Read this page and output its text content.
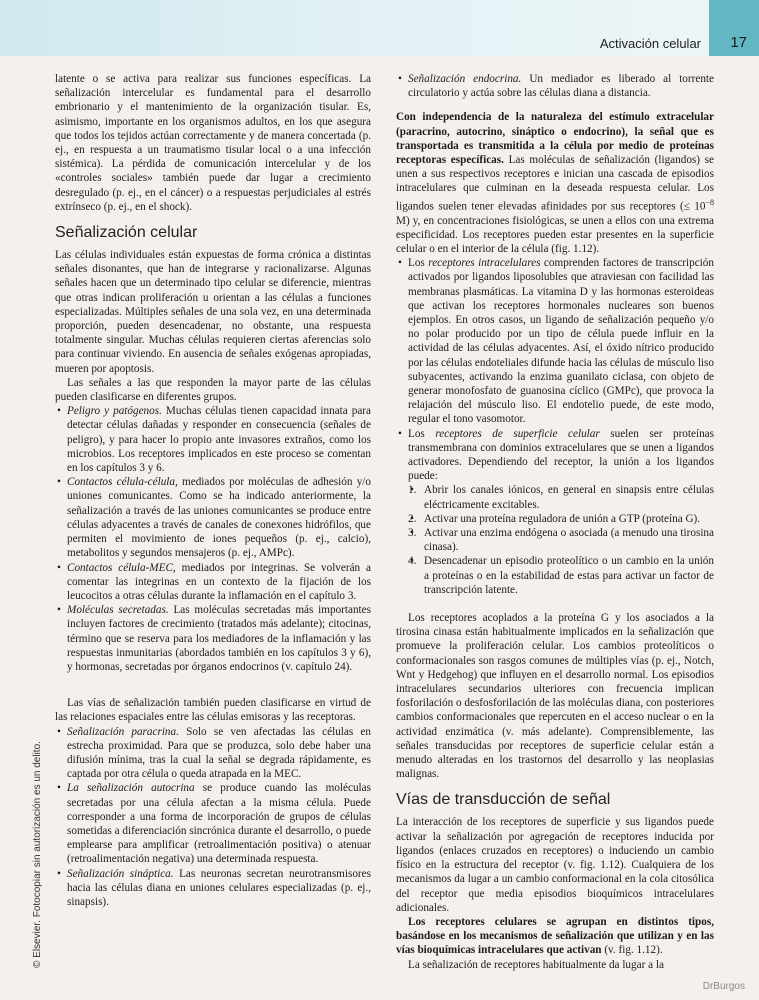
Activación celular 17

latente o se activa para realizar sus funciones específicas. La señalización intercelular es fundamental para el desarrollo embrionario y el mantenimiento de la organización tisular. Es, asimismo, importante en los organismos adultos, en los que asegura que todos los tejidos actúan correctamente y de manera concertada (p. ej., en respuesta a un traumatismo tisular local o a una infección sistémica). La pérdida de comunicación intercelular y de los «controles sociales» también puede dar lugar a crecimiento desregulado (p. ej., en el cáncer) o a respuestas perjudiciales al estrés extrínseco (p. ej., en el shock).

Señalización celular

Las células individuales están expuestas de forma crónica a distintas señales disonantes, que han de integrarse y racionalizarse. Algunas señales hacen que un determinado tipo celular se diferencie, mientras que otras indican proliferación u orientan a las células a funciones especializadas. Múltiples señales de una sola vez, en una determinada proporción, pueden desencadenar, no obstante, una respuesta totalmente singular. Muchas células requieren ciertas aferencias solo para continuar viviendo. En ausencia de señales exógenas apropiadas, mueren por apoptosis.

Las señales a las que responden la mayor parte de las células pueden clasificarse en diferentes grupos.

• Peligro y patógenos. Muchas células tienen capacidad innata para detectar células dañadas y responder en consecuencia (señales de peligro), y para hacer lo propio ante invasores extraños, como los microbios. Los receptores implicados en este proceso se comentan en los capítulos 3 y 6.
• Contactos célula-célula, mediados por moléculas de adhesión y/o uniones comunicantes. Como se ha indicado anteriormente, la señalización a través de las uniones comunicantes se produce entre células adyacentes a través de canales de conexones hidrófilos, que permiten el movimiento de iones pequeños (p. ej., calcio), metabolitos y segundos mensajeros (p. ej., AMPc).
• Contactos célula-MEC, mediados por integrinas. Se volverán a comentar las integrinas en un contexto de la fijación de los leucocitos a otras células durante la inflamación en el capítulo 3.
• Moléculas secretadas. Las moléculas secretadas más importantes incluyen factores de crecimiento (tratados más adelante); citocinas, término que se reserva para los mediadores de la inflamación y las respuestas inmunitarias (abordados también en los capítulos 3 y 6), y hormonas, secretadas por órganos endocrinos (v. capítulo 24).

Las vías de señalización también pueden clasificarse en virtud de las relaciones espaciales entre las células emisoras y las receptoras.

• Señalización paracrina. Solo se ven afectadas las células en estrecha proximidad. Para que se produzca, solo debe haber una difusión mínima, tras la cual la señal se degrada rápidamente, es captada por otra célula o queda atrapada en la MEC.
• La señalización autocrina se produce cuando las moléculas secretadas por una célula afectan a la misma célula. Puede corresponder a una forma de incorporación de grupos de células sometidas a diferenciación sincrónica durante el desarrollo, o puede emplearse para amplificar (retroalimentación positiva) o atenuar (retroalimentación negativa) una determinada respuesta.
• Señalización sináptica. Las neuronas secretan neurotransmisores hacia las células diana en uniones celulares especializadas (p. ej., sinapsis).
• Señalización endocrina. Un mediador es liberado al torrente circulatorio y actúa sobre las células diana a distancia.

Con independencia de la naturaleza del estímulo extracelular (paracrino, autocrino, sináptico o endocrino), la señal que es transportada es transmitida a la célula por medio de proteínas receptoras específicas. Las moléculas de señalización (ligandos) se unen a sus respectivos receptores e inician una cascada de episodios intracelulares que culminan en la deseada respuesta celular. Los ligandos suelen tener elevadas afinidades por sus receptores (≤ $10^{-8}$ M) y, en concentraciones fisiológicas, se unen a ellos con una extrema especificidad. Los receptores pueden estar presentes en la superficie celular o en el interior de la célula (fig. 1.12).

• Los receptores intracelulares comprenden factores de transcripción activados por ligandos liposolubles que atraviesan con facilidad las membranas plasmáticas. La vitamina D y las hormonas esteroideas que activan los receptores hormonales nucleares son buenos ejemplos. En otros casos, un ligando de señalización pequeño y/o no polar producido por un tipo de célula puede influir en la actividad de las células adyacentes. Así, el óxido nítrico producido por las células endoteliales difunde hacia las células de músculo liso subyacentes, activando la enzima guanilato ciclasa, con objeto de generar monofosfato de guanosina cíclico (GMPc), que provoca la relajación del músculo liso. El endotelio puede, de este modo, regular el tono vasomotor.
• Los receptores de superficie celular suelen ser proteínas transmembrana con dominios extracelulares que se unen a ligandos activadores. Dependiendo del receptor, la unión a los ligandos puede:
• 1. Abrir los canales iónicos, en general en sinapsis entre células eléctricamente excitables.
• 2. Activar una proteína reguladora de unión a GTP (proteína G).
• 3. Activar una enzima endógena o asociada (a menudo una tirosina cinasa).
• 4. Desencadenar un episodio proteolítico o un cambio en la unión a proteínas o en la estabilidad de estas para activar un factor de transcripción latente.

Los receptores acoplados a la proteína G y los asociados a la tirosina cinasa están habitualmente implicados en la señalización que promueve la proliferación celular. Los cambios proteolíticos o conformacionales son rasgos comunes de múltiples vías (p. ej., Notch, Wnt y Hedgehog) que influyen en el desarrollo normal. Los episodios intracelulares secundarios ulteriores con frecuencia implican fosforilación o desfosforilación de las moléculas diana, con posteriores cambios conformacionales que repercuten en el acceso nuclear o en la actividad enzimática (v. más adelante). Comprensiblemente, las señales transducidas por receptores de superficie celular están a menudo alteradas en los trastornos del desarrollo y las neoplasias malignas.

Vías de transducción de señal

La interacción de los receptores de superficie y sus ligandos puede activar la señalización por agregación de receptores inducida por ligandos (enlaces cruzados en receptores) o induciendo un cambio físico en la estructura del receptor (v. fig. 1.12). Cualquiera de los mecanismos da lugar a un cambio conformacional en la cola citosólica del receptor que media episodios bioquímicos intracelulares adicionales.

Los receptores celulares se agrupan en distintos tipos, basándose en los mecanismos de señalización que utilizan y en las vías bioquímicas intracelulares que activan (v. fig. 1.12).

La señalización de receptores habitualmente da lugar a la

© Elsevier. Fotocopiar sin autorización es un delito.
DrBurgos
